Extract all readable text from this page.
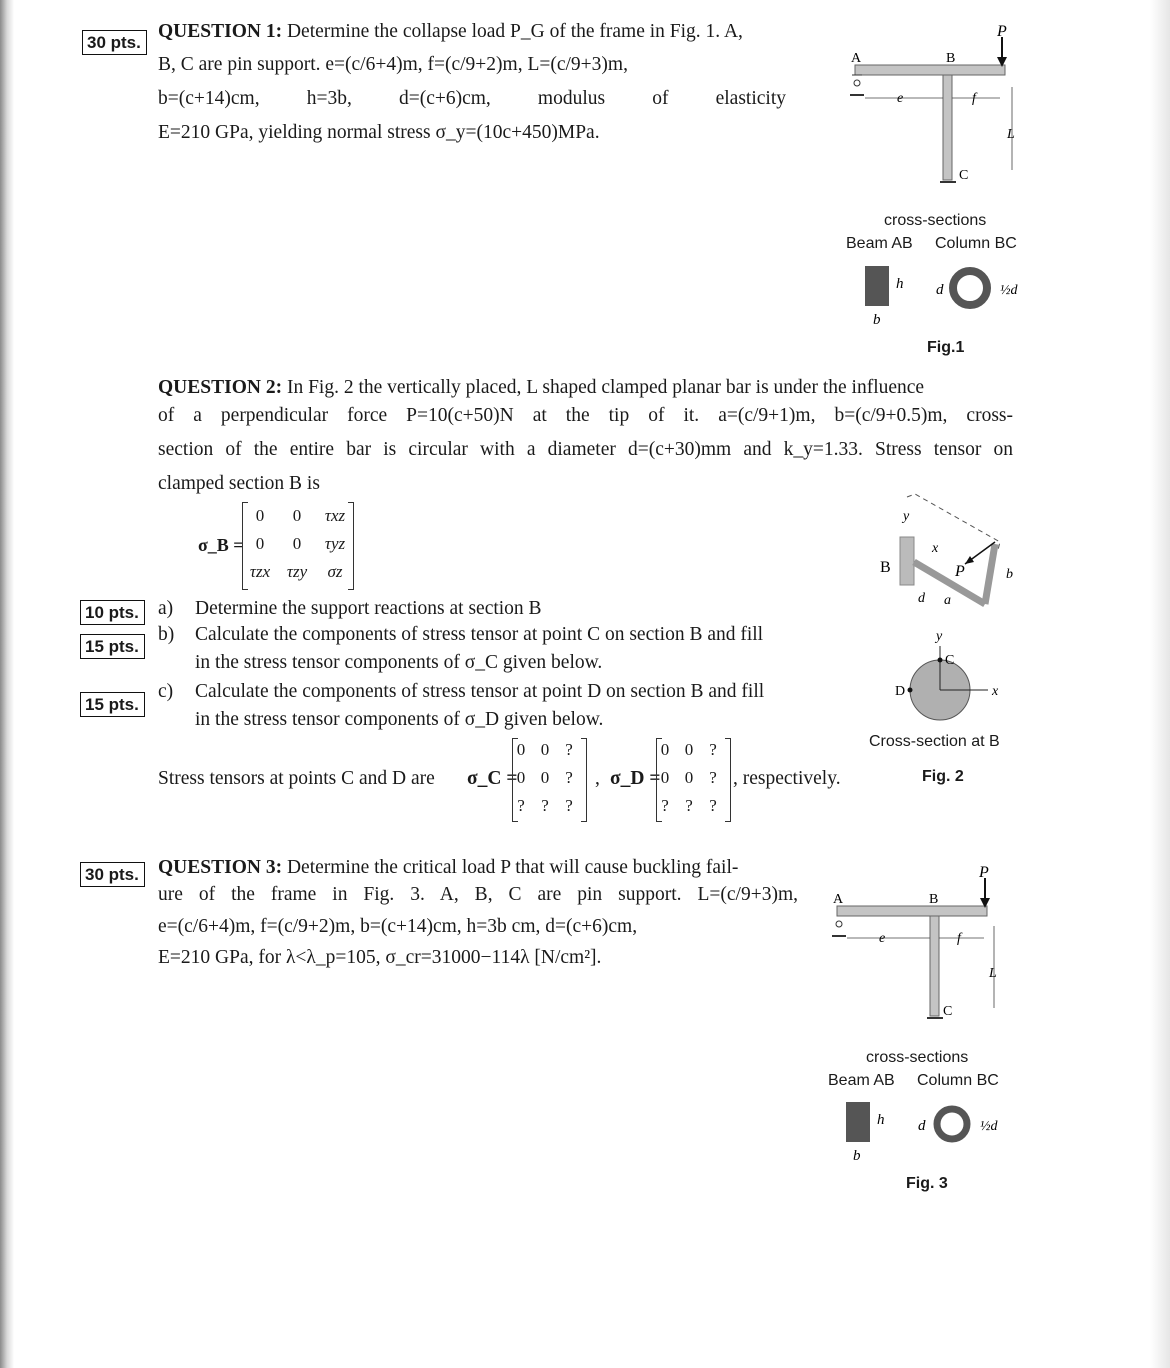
30 pts.
QUESTION 1: Determine the collapse load P_G of the frame in Fig. 1. A,
B, C are pin support. e=(c/6+4)m, f=(c/9+2)m, L=(c/9+3)m,
b=(c+14)cm, h=3b, d=(c+6)cm, modulus of elasticity
E=210 GPa, yielding normal stress σ_y=(10c+450)MPa.
P
A	B
C
e	f
L
cross-sections
Beam AB Column BC
h
b
d	½d
Fig.1
QUESTION 2: In Fig. 2 the vertically placed, L shaped clamped planar bar is under the influence
of a perpendicular force P=10(c+50)N at the tip of it. a=(c/9+1)m, b=(c/9+0.5)m, cross-
section of the entire bar is circular with a diameter d=(c+30)mm and k_y=1.33. Stress tensor on
clamped section B is
σ_B =
0	0	τxz
0	0	τyz
τzx τzy	σz
10 pts.
15 pts.
15 pts.
a) Determine the support reactions at section B
b) Calculate the components of stress tensor at point C on section B and fill
in the stress tensor components of σ_C given below.
c) Calculate the components of stress tensor at point D on section B and fill
in the stress tensor components of σ_D given below.
Stress tensors at points C and D are σ_C =
0 0 ?
0 0 ?
? ? ?
, σ_D =
0 0 ?
0 0 ?
? ? ?
, respectively.
y
x
B	P	b
d a
y
x
C
D
Cross-section at B
Fig. 2
30 pts. QUESTION 3: Determine the critical load P that will cause buckling fail-
ure of the frame in Fig. 3. A, B, C are pin support. L=(c/9+3)m,
e=(c/6+4)m, f=(c/9+2)m, b=(c+14)cm, h=3b cm, d=(c+6)cm,
E=210 GPa, for λ<λ_p=105, σ_cr=31000−114λ [N/cm²].
P
A	B
C
e	f
L
cross-sections
Beam AB Column BC
h
b
d	½d
Fig. 3
